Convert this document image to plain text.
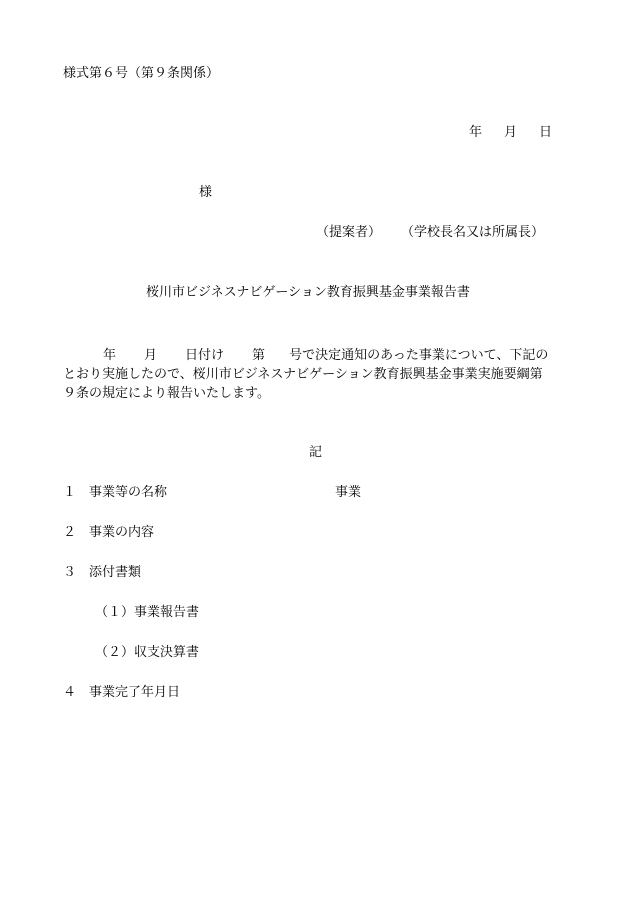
様式第６号（第９条関係）
年 月 日
様
（提案者） （学校長名又は所属長）
桜川市ビジネスナビゲーション教育振興基金事業報告書
年 月 日付け 第 号で決定通知のあった事業について、下記の
とおり実施したので、桜川市ビジネスナビゲーション教育振興基金事業実施要綱第
９条の規定により報告いたします。
記
１ 事業等の名称	事業
２ 事業の内容
３ 添付書類
（１）事業報告書
（２）収支決算書
４ 事業完了年月日
